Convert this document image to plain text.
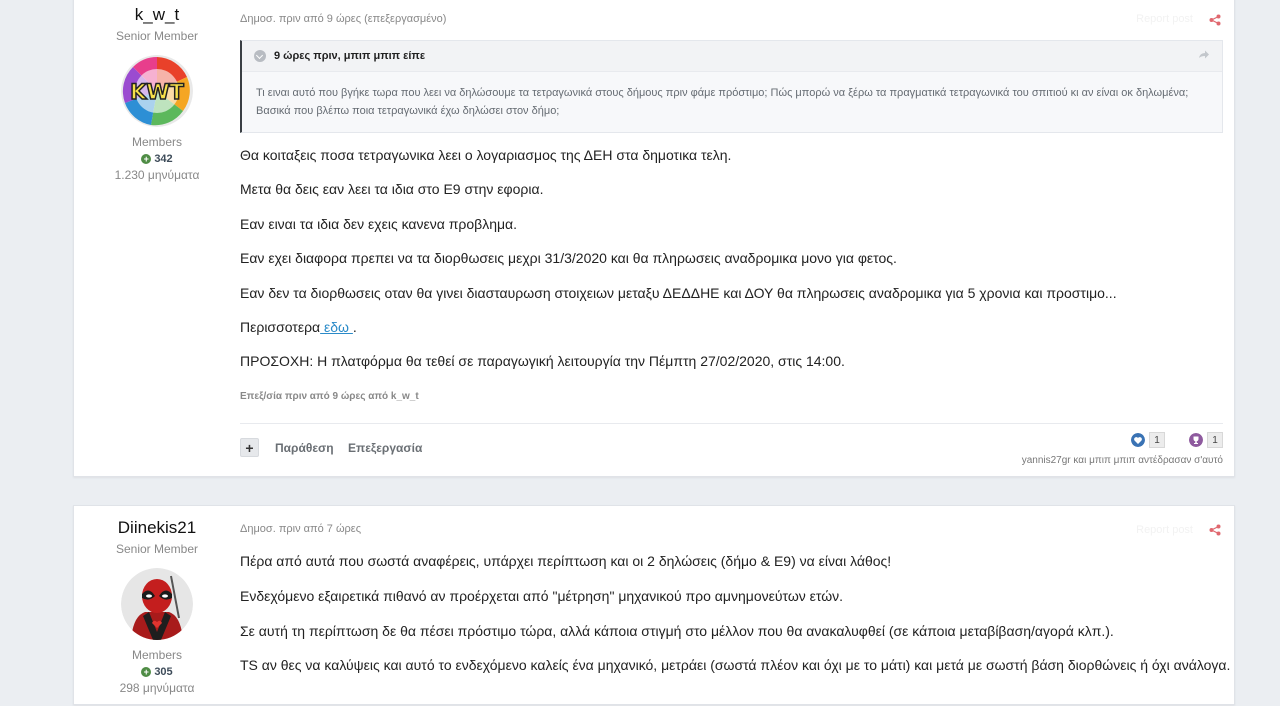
k_w_t
Senior Member
KWT
Members
+ 342
1.230 μηνύματα
Δημοσ. πριν από 9 ώρες (επεξεργασμένο)	Report post
9 ώρες πριν, μπιπ μπιπ είπε
Τι ειναι αυτό που βγήκε τωρα που λεει να δηλώσουμε τα τετραγωνικά στους δήμους πριν φάμε πρόστιμο; Πώς μπορώ να ξέρω τα πραγματικά τετραγωνικά του σπιτιού κι αν είναι οκ δηλωμένα; Βασικά που βλέπω ποια τετραγωνικά έχω δηλώσει στον δήμο;
Θα κοιταξεις ποσα τετραγωνικα λεει ο λογαριασμος της ΔΕΗ στα δημοτικα τελη.
Μετα θα δεις εαν λεει τα ιδια στο Ε9 στην εφορια.
Εαν ειναι τα ιδια δεν εχεις κανενα προβλημα.
Εαν εχει διαφορα πρεπει να τα διορθωσεις μεχρι 31/3/2020 και θα πληρωσεις αναδρομικα μονο για φετος.
Εαν δεν τα διορθωσεις οταν θα γινει διασταυρωση στοιχειων μεταξυ ΔΕΔΔΗΕ και ΔΟΥ θα πληρωσεις αναδρομικα για 5 χρονια και προστιμο...
Περισσοτερα εδω .
ΠΡΟΣΟΧΗ: Η πλατφόρμα θα τεθεί σε παραγωγική λειτουργία την Πέμπτη 27/02/2020, στις 14:00.
Επεξ/σία πριν από 9 ώρες από k_w_t
+	Παράθεση Επεξεργασία
1	1
yannis27gr και μπιπ μπιπ αντέδρασαν σ'αυτό
Diinekis21
Senior Member
Members
+ 305
298 μηνύματα
Δημοσ. πριν από 7 ώρες	Report post
Πέρα από αυτά που σωστά αναφέρεις, υπάρχει περίπτωση και οι 2 δηλώσεις (δήμο & Ε9) να είναι λάθος!
Ενδεχόμενο εξαιρετικά πιθανό αν προέρχεται από "μέτρηση" μηχανικού προ αμνημονεύτων ετών.
Σε αυτή τη περίπτωση δε θα πέσει πρόστιμο τώρα, αλλά κάποια στιγμή στο μέλλον που θα ανακαλυφθεί (σε κάποια μεταβίβαση/αγορά κλπ.).
TS αν θες να καλύψεις και αυτό το ενδεχόμενο καλείς ένα μηχανικό, μετράει (σωστά πλέον και όχι με το μάτι) και μετά με σωστή βάση διορθώνεις ή όχι ανάλογα.
